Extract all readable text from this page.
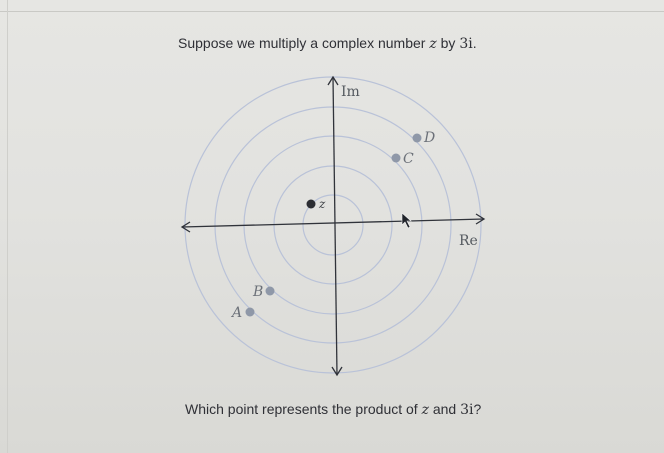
Suppose we multiply a complex number z by 3i.
Im
Re
z
D
C
B
A
Which point represents the product of z and 3i?
